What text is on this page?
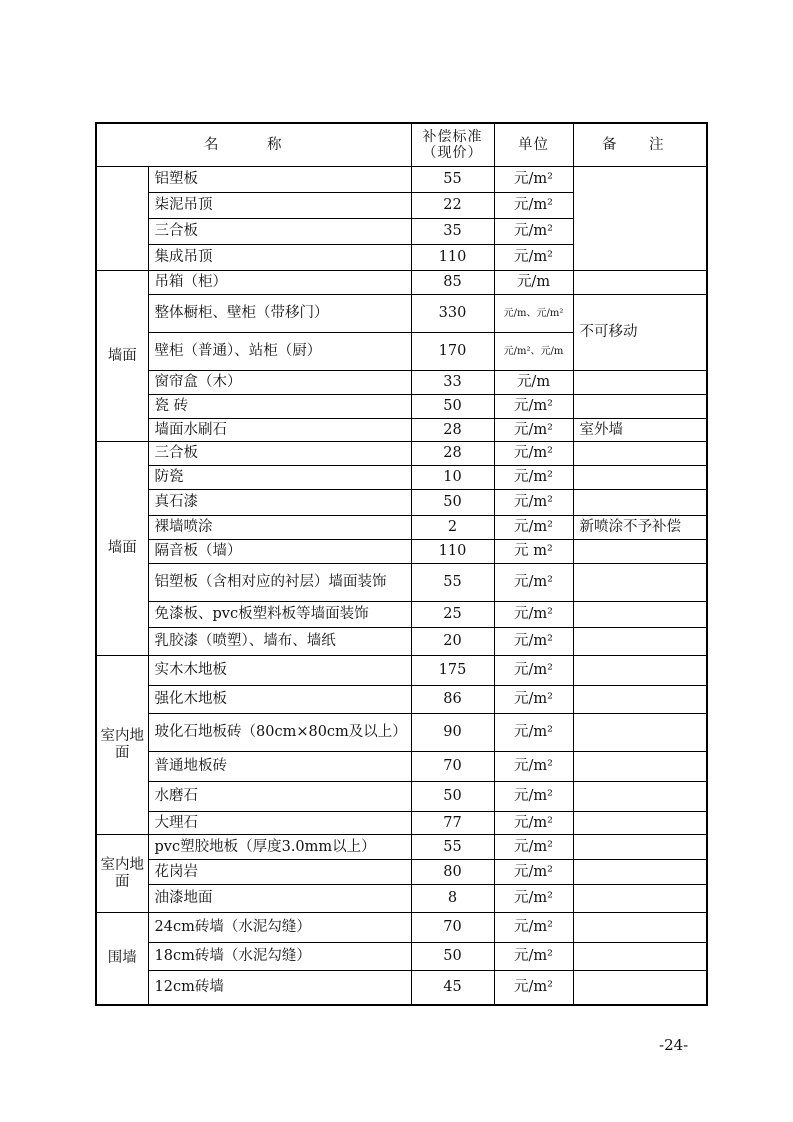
名 称		补偿标准
（现价）	单位	备 注
	铝塑板	55	元/m²	
	柒泥吊顶	22	元/m²	
	三合板	35	元/m²	
	集成吊顶	110	元/m²	
墙面	吊箱（柜）	85	元/m	
	整体橱柜、壁柜（带移门）	330	元/m、元/m²	不可移动
	壁柜（普通）、站柜（厨）	170	元/m²、元/m	
	窗帘盒（木）	33	元/m	
	瓷 砖	50	元/m²	
	墙面水刷石	28	元/m²	室外墙
墙面	三合板	28	元/m²	
	防瓷	10	元/m²	
	真石漆	50	元/m²	
	裸墙喷涂	2	元/m²	新喷涂不予补偿
	隔音板（墙）	110	元 m²	
	铝塑板（含相对应的衬层）墙面装饰	55	元/m²	
	免漆板、pvc板塑料板等墙面装饰	25	元/m²	
	乳胶漆（喷塑）、墙布、墙纸	20	元/m²	
室内地面	实木木地板	175	元/m²	
	强化木地板	86	元/m²	
	玻化石地板砖（80cm×80cm及以上）	90	元/m²	
	普通地板砖	70	元/m²	
	水磨石	50	元/m²	
	大理石	77	元/m²	
室内地面	pvc塑胶地板（厚度3.0mm以上）	55	元/m²	
	花岗岩	80	元/m²	
	油漆地面	8	元/m²	
围墙	24cm砖墙（水泥勾缝）	70	元/m²	
	18cm砖墙（水泥勾缝）	50	元/m²	
	12cm砖墙	45	元/m²	
-24-
